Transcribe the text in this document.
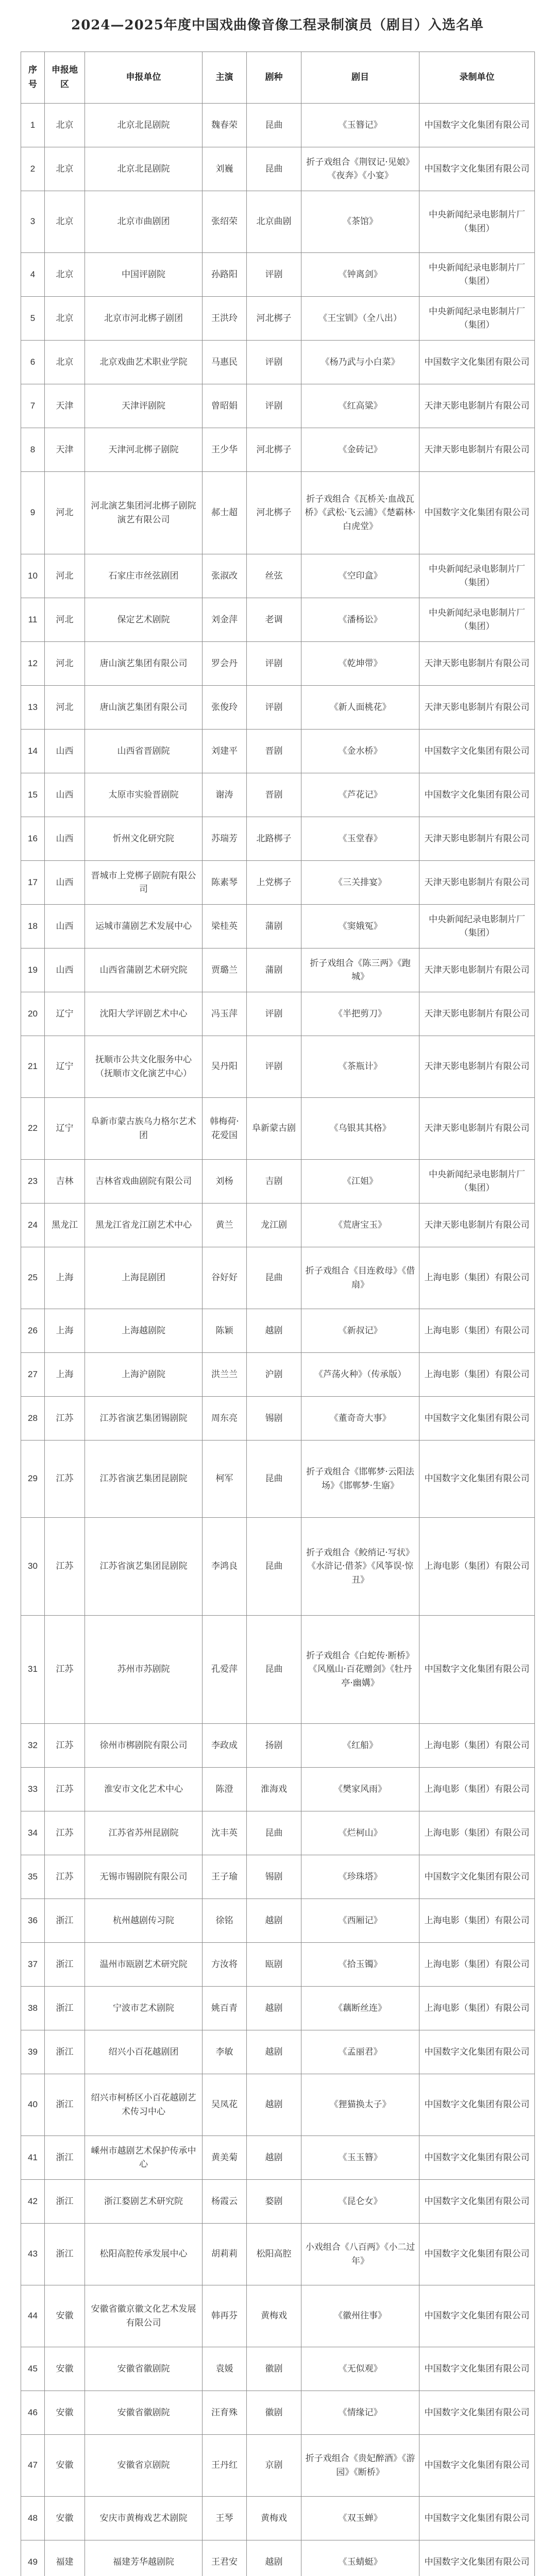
2024—2025年度中国戏曲像音像工程录制演员（剧目）入选名单
序号	申报地区	申报单位	主演	剧种	剧目	录制单位
1	北京	北京北昆剧院	魏春荣	昆曲	《玉簪记》	中国数字文化集团有限公司
2	北京	北京北昆剧院	刘巍	昆曲	折子戏组合《荆钗记·见娘》《夜奔》《小宴》	中国数字文化集团有限公司
3	北京	北京市曲剧团	张绍荣	北京曲剧	《茶馆》	中央新闻纪录电影制片厂（集团）
4	北京	中国评剧院	孙路阳	评剧	《钟离剑》	中央新闻纪录电影制片厂（集团）
5	北京	北京市河北梆子剧团	王洪玲	河北梆子	《王宝钏》（全八出）	中央新闻纪录电影制片厂（集团）
6	北京	北京戏曲艺术职业学院	马惠民	评剧	《杨乃武与小白菜》	中国数字文化集团有限公司
7	天津	天津评剧院	曾昭娟	评剧	《红高粱》	天津天影电影制片有限公司
8	天津	天津河北梆子剧院	王少华	河北梆子	《金砖记》	天津天影电影制片有限公司
9	河北	河北演艺集团河北梆子剧院演艺有限公司	郝士超	河北梆子	折子戏组合《瓦桥关·血战瓦桥》《武松·飞云浦》《楚霸林·白虎堂》	中国数字文化集团有限公司
10	河北	石家庄市丝弦剧团	张淑改	丝弦	《空印盒》	中央新闻纪录电影制片厂（集团）
11	河北	保定艺术剧院	刘金萍	老调	《潘杨讼》	中央新闻纪录电影制片厂（集团）
12	河北	唐山演艺集团有限公司	罗会丹	评剧	《乾坤带》	天津天影电影制片有限公司
13	河北	唐山演艺集团有限公司	张俊玲	评剧	《新人面桃花》	天津天影电影制片有限公司
14	山西	山西省晋剧院	刘建平	晋剧	《金水桥》	中国数字文化集团有限公司
15	山西	太原市实验晋剧院	谢涛	晋剧	《芦花记》	中国数字文化集团有限公司
16	山西	忻州文化研究院	苏瑞芳	北路梆子	《玉堂春》	天津天影电影制片有限公司
17	山西	晋城市上党梆子剧院有限公司	陈素琴	上党梆子	《三关排宴》	天津天影电影制片有限公司
18	山西	运城市蒲剧艺术发展中心	梁桂英	蒲剧	《窦娥冤》	中央新闻纪录电影制片厂（集团）
19	山西	山西省蒲剧艺术研究院	贾璐兰	蒲剧	折子戏组合《陈三两》《跑城》	天津天影电影制片有限公司
20	辽宁	沈阳大学评剧艺术中心	冯玉萍	评剧	《半把剪刀》	天津天影电影制片有限公司
21	辽宁	抚顺市公共文化服务中心（抚顺市文化演艺中心）	吴丹阳	评剧	《茶瓶计》	天津天影电影制片有限公司
22	辽宁	阜新市蒙古族乌力格尔艺术团	韩梅荷·花爱国	阜新蒙古剧	《乌银其其格》	天津天影电影制片有限公司
23	吉林	吉林省戏曲剧院有限公司	刘杨	吉剧	《江姐》	中央新闻纪录电影制片厂（集团）
24	黑龙江	黑龙江省龙江剧艺术中心	黄兰	龙江剧	《荒唐宝玉》	天津天影电影制片有限公司
25	上海	上海昆剧团	谷好好	昆曲	折子戏组合《目连救母》《借扇》	上海电影（集团）有限公司
26	上海	上海越剧院	陈颖	越剧	《新叔记》	上海电影（集团）有限公司
27	上海	上海沪剧院	洪兰兰	沪剧	《芦荡火种》（传承版）	上海电影（集团）有限公司
28	江苏	江苏省演艺集团锡剧院	周东亮	锡剧	《董奇奇大事》	中国数字文化集团有限公司
29	江苏	江苏省演艺集团昆剧院	柯军	昆曲	折子戏组合《邯郸梦·云阳法场》《邯郸梦·生寤》	中国数字文化集团有限公司
30	江苏	江苏省演艺集团昆剧院	李鸿良	昆曲	折子戏组合《鲛绡记·写状》《水浒记·借茶》《风筝误·惊丑》	上海电影（集团）有限公司
31	江苏	苏州市苏剧院	孔爱萍	昆曲	折子戏组合《白蛇传·断桥》《风凰山·百花赠剑》《牡丹亭·幽媾》	中国数字文化集团有限公司
32	江苏	徐州市梆剧院有限公司	李政成	扬剧	《红船》	上海电影（集团）有限公司
33	江苏	淮安市文化艺术中心	陈澄	淮海戏	《樊家风雨》	上海电影（集团）有限公司
34	江苏	江苏省苏州昆剧院	沈丰英	昆曲	《烂柯山》	上海电影（集团）有限公司
35	江苏	无锡市锡剧院有限公司	王子瑜	锡剧	《珍珠塔》	中国数字文化集团有限公司
36	浙江	杭州越剧传习院	徐铭	越剧	《西厢记》	上海电影（集团）有限公司
37	浙江	温州市瓯剧艺术研究院	方汝将	瓯剧	《拾玉镯》	上海电影（集团）有限公司
38	浙江	宁波市艺术剧院	姚百青	越剧	《藕断丝连》	上海电影（集团）有限公司
39	浙江	绍兴小百花越剧团	李敏	越剧	《孟丽君》	中国数字文化集团有限公司
40	浙江	绍兴市柯桥区小百花越剧艺术传习中心	吴凤花	越剧	《狸猫换太子》	中国数字文化集团有限公司
41	浙江	嵊州市越剧艺术保护传承中心	黄美菊	越剧	《玉玉簪》	中国数字文化集团有限公司
42	浙江	浙江婺剧艺术研究院	杨霞云	婺剧	《昆仑女》	中国数字文化集团有限公司
43	浙江	松阳高腔传承发展中心	胡莉莉	松阳高腔	小戏组合《八百两》《小二过年》	中国数字文化集团有限公司
44	安徽	安徽省徽京徽文化艺术发展有限公司	韩再芬	黄梅戏	《徽州往事》	中国数字文化集团有限公司
45	安徽	安徽省徽剧院	袁媛	徽剧	《无似观》	中国数字文化集团有限公司
46	安徽	安徽省徽剧院	汪育殊	徽剧	《情缘记》	中国数字文化集团有限公司
47	安徽	安徽省京剧院	王丹红	京剧	折子戏组合《贵妃醉酒》《游园》《断桥》	中国数字文化集团有限公司
48	安徽	安庆市黄梅戏艺术剧院	王琴	黄梅戏	《双玉蝉》	中国数字文化集团有限公司
49	福建	福建芳华越剧院	王君安	越剧	《玉蜻蜓》	中国数字文化集团有限公司
